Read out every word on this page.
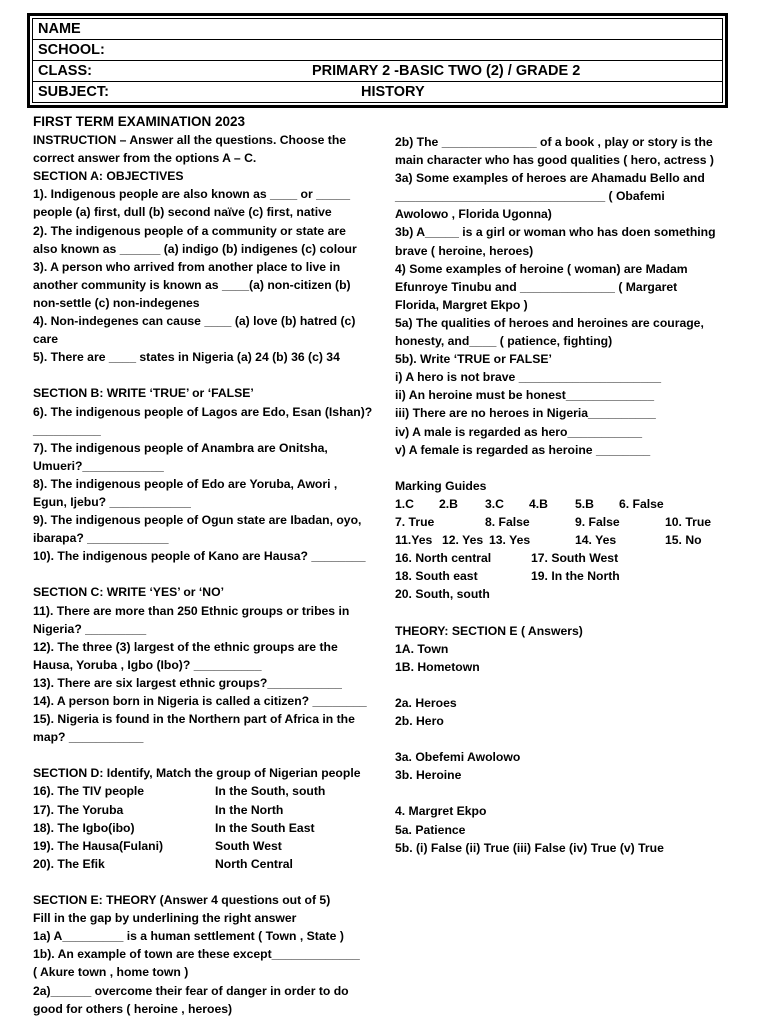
NAME
SCHOOL:
CLASS:	PRIMARY 2 -BASIC TWO (2) / GRADE 2
SUBJECT:	HISTORY
FIRST TERM EXAMINATION 2023
INSTRUCTION – Answer all the questions. Choose the
correct answer from the options A – C.
SECTION A: OBJECTIVES
1). Indigenous people are also known as ____ or _____
people (a) first, dull (b) second naïve (c) first, native
2). The indigenous people of a community or state are
also known as ______ (a) indigo (b) indigenes (c) colour
3). A person who arrived from another place to live in
another community is known as ____(a) non-citizen (b)
non-settle (c) non-indegenes
4). Non-indegenes can cause ____ (a) love (b) hatred (c)
care
5). There are ____ states in Nigeria (a) 24 (b) 36 (c) 34
SECTION B: WRITE ‘TRUE’ or ‘FALSE’
6). The indigenous people of Lagos are Edo, Esan (Ishan)?
__________
7). The indigenous people of Anambra are Onitsha,
Umueri?____________
8). The indigenous people of Edo are Yoruba, Awori ,
Egun, Ijebu? ____________
9). The indigenous people of Ogun state are Ibadan, oyo,
ibarapa? ____________
10). The indigenous people of Kano are Hausa? ________
SECTION C: WRITE ‘YES’ or ‘NO’
11). There are more than 250 Ethnic groups or tribes in
Nigeria? _________
12). The three (3) largest of the ethnic groups are the
Hausa, Yoruba , Igbo (Ibo)? __________
13). There are six largest ethnic groups?___________
14). A person born in Nigeria is called a citizen? ________
15). Nigeria is found in the Northern part of Africa in the
map? ___________
SECTION D: Identify, Match the group of Nigerian people
16). The TIV people	In the South, south
17). The Yoruba	In the North
18). The Igbo(ibo)	In the South East
19). The Hausa(Fulani)	South West
20). The Efik	North Central
SECTION E: THEORY (Answer 4 questions out of 5)
Fill in the gap by underlining the right answer
1a) A_________ is a human settlement ( Town , State )
1b). An example of town are these except_____________
( Akure town , home town )
2a)______ overcome their fear of danger in order to do
good for others ( heroine , heroes)
2b) The ______________ of a book , play or story is the
main character who has good qualities ( hero, actress )
3a) Some examples of heroes are Ahamadu Bello and
_______________________________ ( Obafemi
Awolowo , Florida Ugonna)
3b) A_____ is a girl or woman who has doen something
brave ( heroine, heroes)
4) Some examples of heroine ( woman) are Madam
Efunroye Tinubu and ______________ ( Margaret
Florida, Margret Ekpo )
5a) The qualities of heroes and heroines are courage,
honesty, and____ ( patience, fighting)
5b). Write ‘TRUE or FALSE’
i) A hero is not brave _____________________
ii) An heroine must be honest_____________
iii) There are no heroes in Nigeria__________
iv) A male is regarded as hero___________
v) A female is regarded as heroine ________
Marking Guides
1.C	2.B	3.C	4.B	5.B	6. False
7. True	8. False	9. False	10. True
11.Yes 12. Yes 13. Yes	14. Yes	15. No
16. North central	17. South West
18. South east	19. In the North
20. South, south
THEORY: SECTION E ( Answers)
1A. Town
1B. Hometown
2a. Heroes
2b. Hero
3a. Obefemi Awolowo
3b. Heroine
4. Margret Ekpo
5a. Patience
5b. (i) False (ii) True (iii) False (iv) True (v) True
